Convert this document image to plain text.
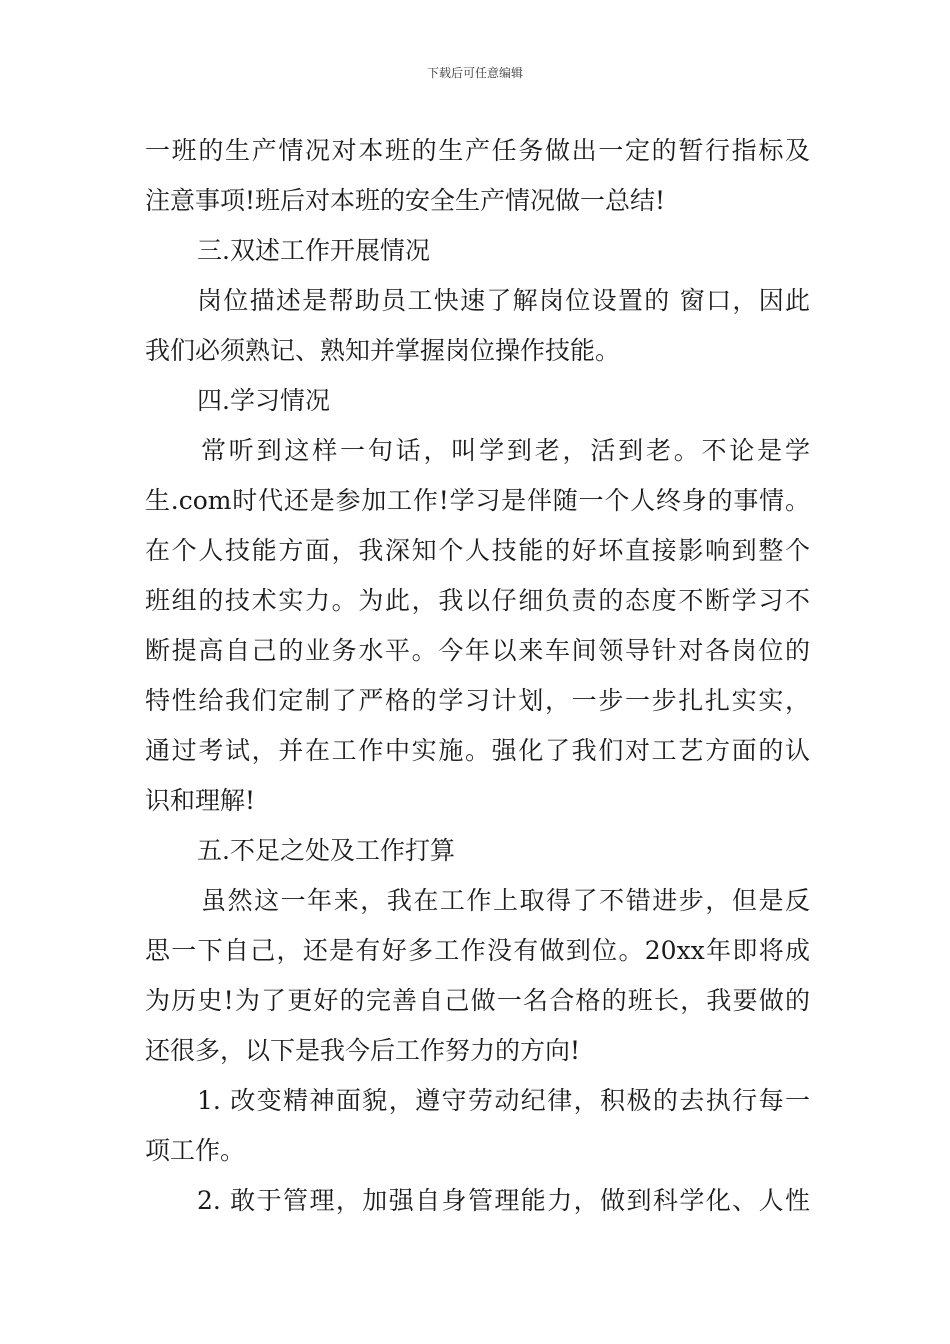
下载后可任意编辑
一班的生产情况对本班的生产任务做出一定的暂行指标及
注意事项!班后对本班的安全生产情况做一总结!
三.双述工作开展情况
岗位描述是帮助员工快速了解岗位设置的 窗口，因此
我们必须熟记、熟知并掌握岗位操作技能。
四.学习情况
常听到这样一句话，叫学到老，活到老。不论是学
生.com时代还是参加工作!学习是伴随一个人终身的事情。
在个人技能方面，我深知个人技能的好坏直接影响到整个
班组的技术实力。为此，我以仔细负责的态度不断学习不
断提高自己的业务水平。今年以来车间领导针对各岗位的
特性给我们定制了严格的学习计划，一步一步扎扎实实，
通过考试，并在工作中实施。强化了我们对工艺方面的认
识和理解!
五.不足之处及工作打算
虽然这一年来，我在工作上取得了不错进步，但是反
思一下自己，还是有好多工作没有做到位。20xx年即将成
为历史!为了更好的完善自己做一名合格的班长，我要做的
还很多，以下是我今后工作努力的方向!
1. 改变精神面貌，遵守劳动纪律，积极的去执行每一
项工作。
2. 敢于管理，加强自身管理能力，做到科学化、人性
